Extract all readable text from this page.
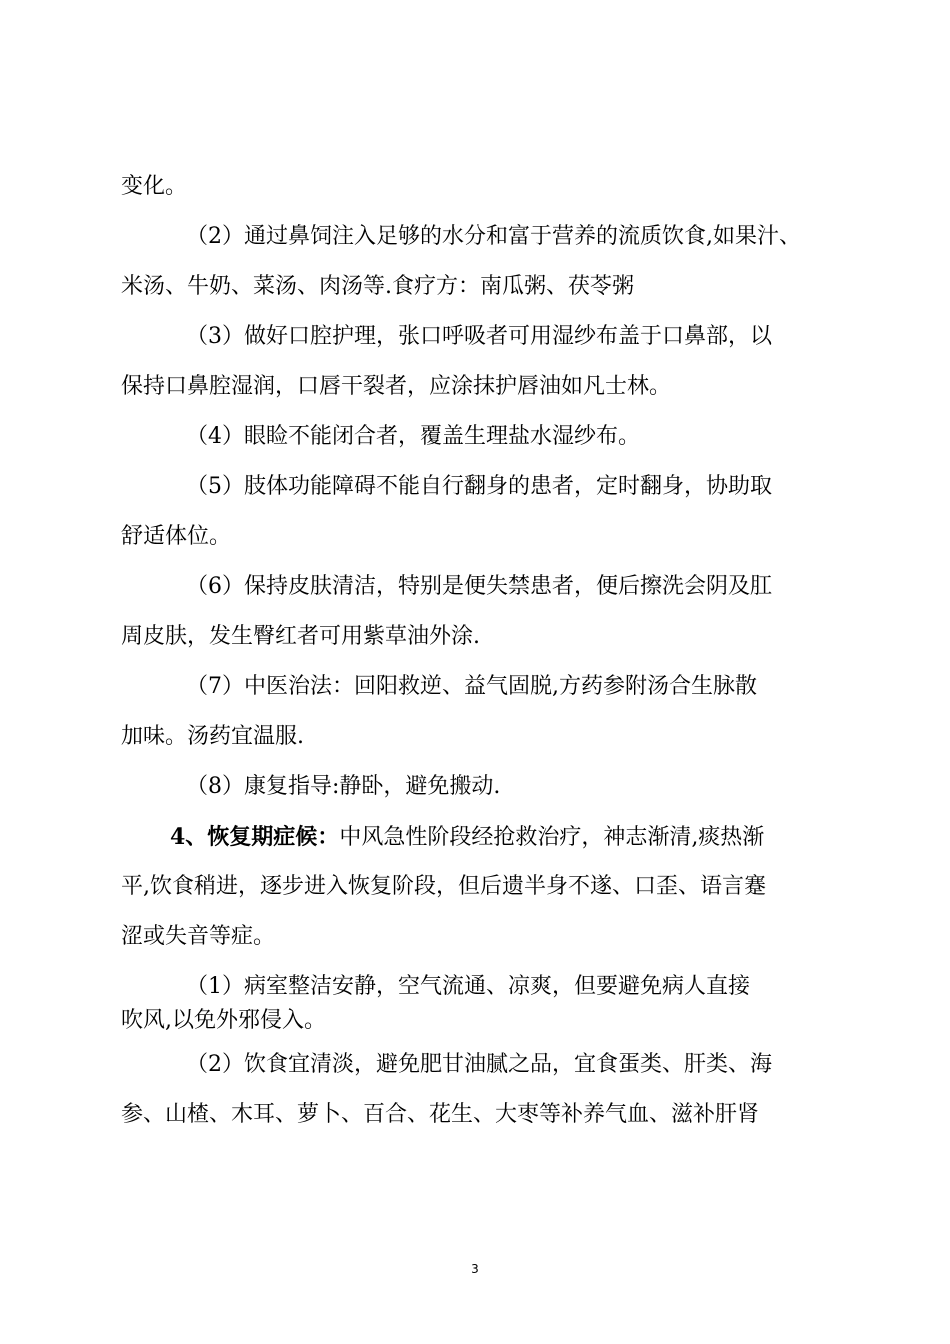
变化。
（2）通过鼻饲注入足够的水分和富于营养的流质饮食,如果汁、
米汤、牛奶、菜汤、肉汤等.食疗方：南瓜粥、茯苓粥
（3）做好口腔护理，张口呼吸者可用湿纱布盖于口鼻部，以
保持口鼻腔湿润，口唇干裂者，应涂抹护唇油如凡士林。
（4）眼睑不能闭合者，覆盖生理盐水湿纱布。
（5）肢体功能障碍不能自行翻身的患者，定时翻身，协助取
舒适体位。
（6）保持皮肤清洁，特别是便失禁患者，便后擦洗会阴及肛
周皮肤，发生臀红者可用紫草油外涂.
（7）中医治法：回阳救逆、益气固脱,方药参附汤合生脉散
加味。汤药宜温服.
（8）康复指导:静卧，避免搬动.
4、恢复期症候：中风急性阶段经抢救治疗，神志渐清,痰热渐
平,饮食稍进，逐步进入恢复阶段，但后遗半身不遂、口歪、语言蹇
涩或失音等症。
（1）病室整洁安静，空气流通、凉爽，但要避免病人直接
吹风,以免外邪侵入。
（2）饮食宜清淡，避免肥甘油腻之品，宜食蛋类、肝类、海
参、山楂、木耳、萝卜、百合、花生、大枣等补养气血、滋补肝肾
3
